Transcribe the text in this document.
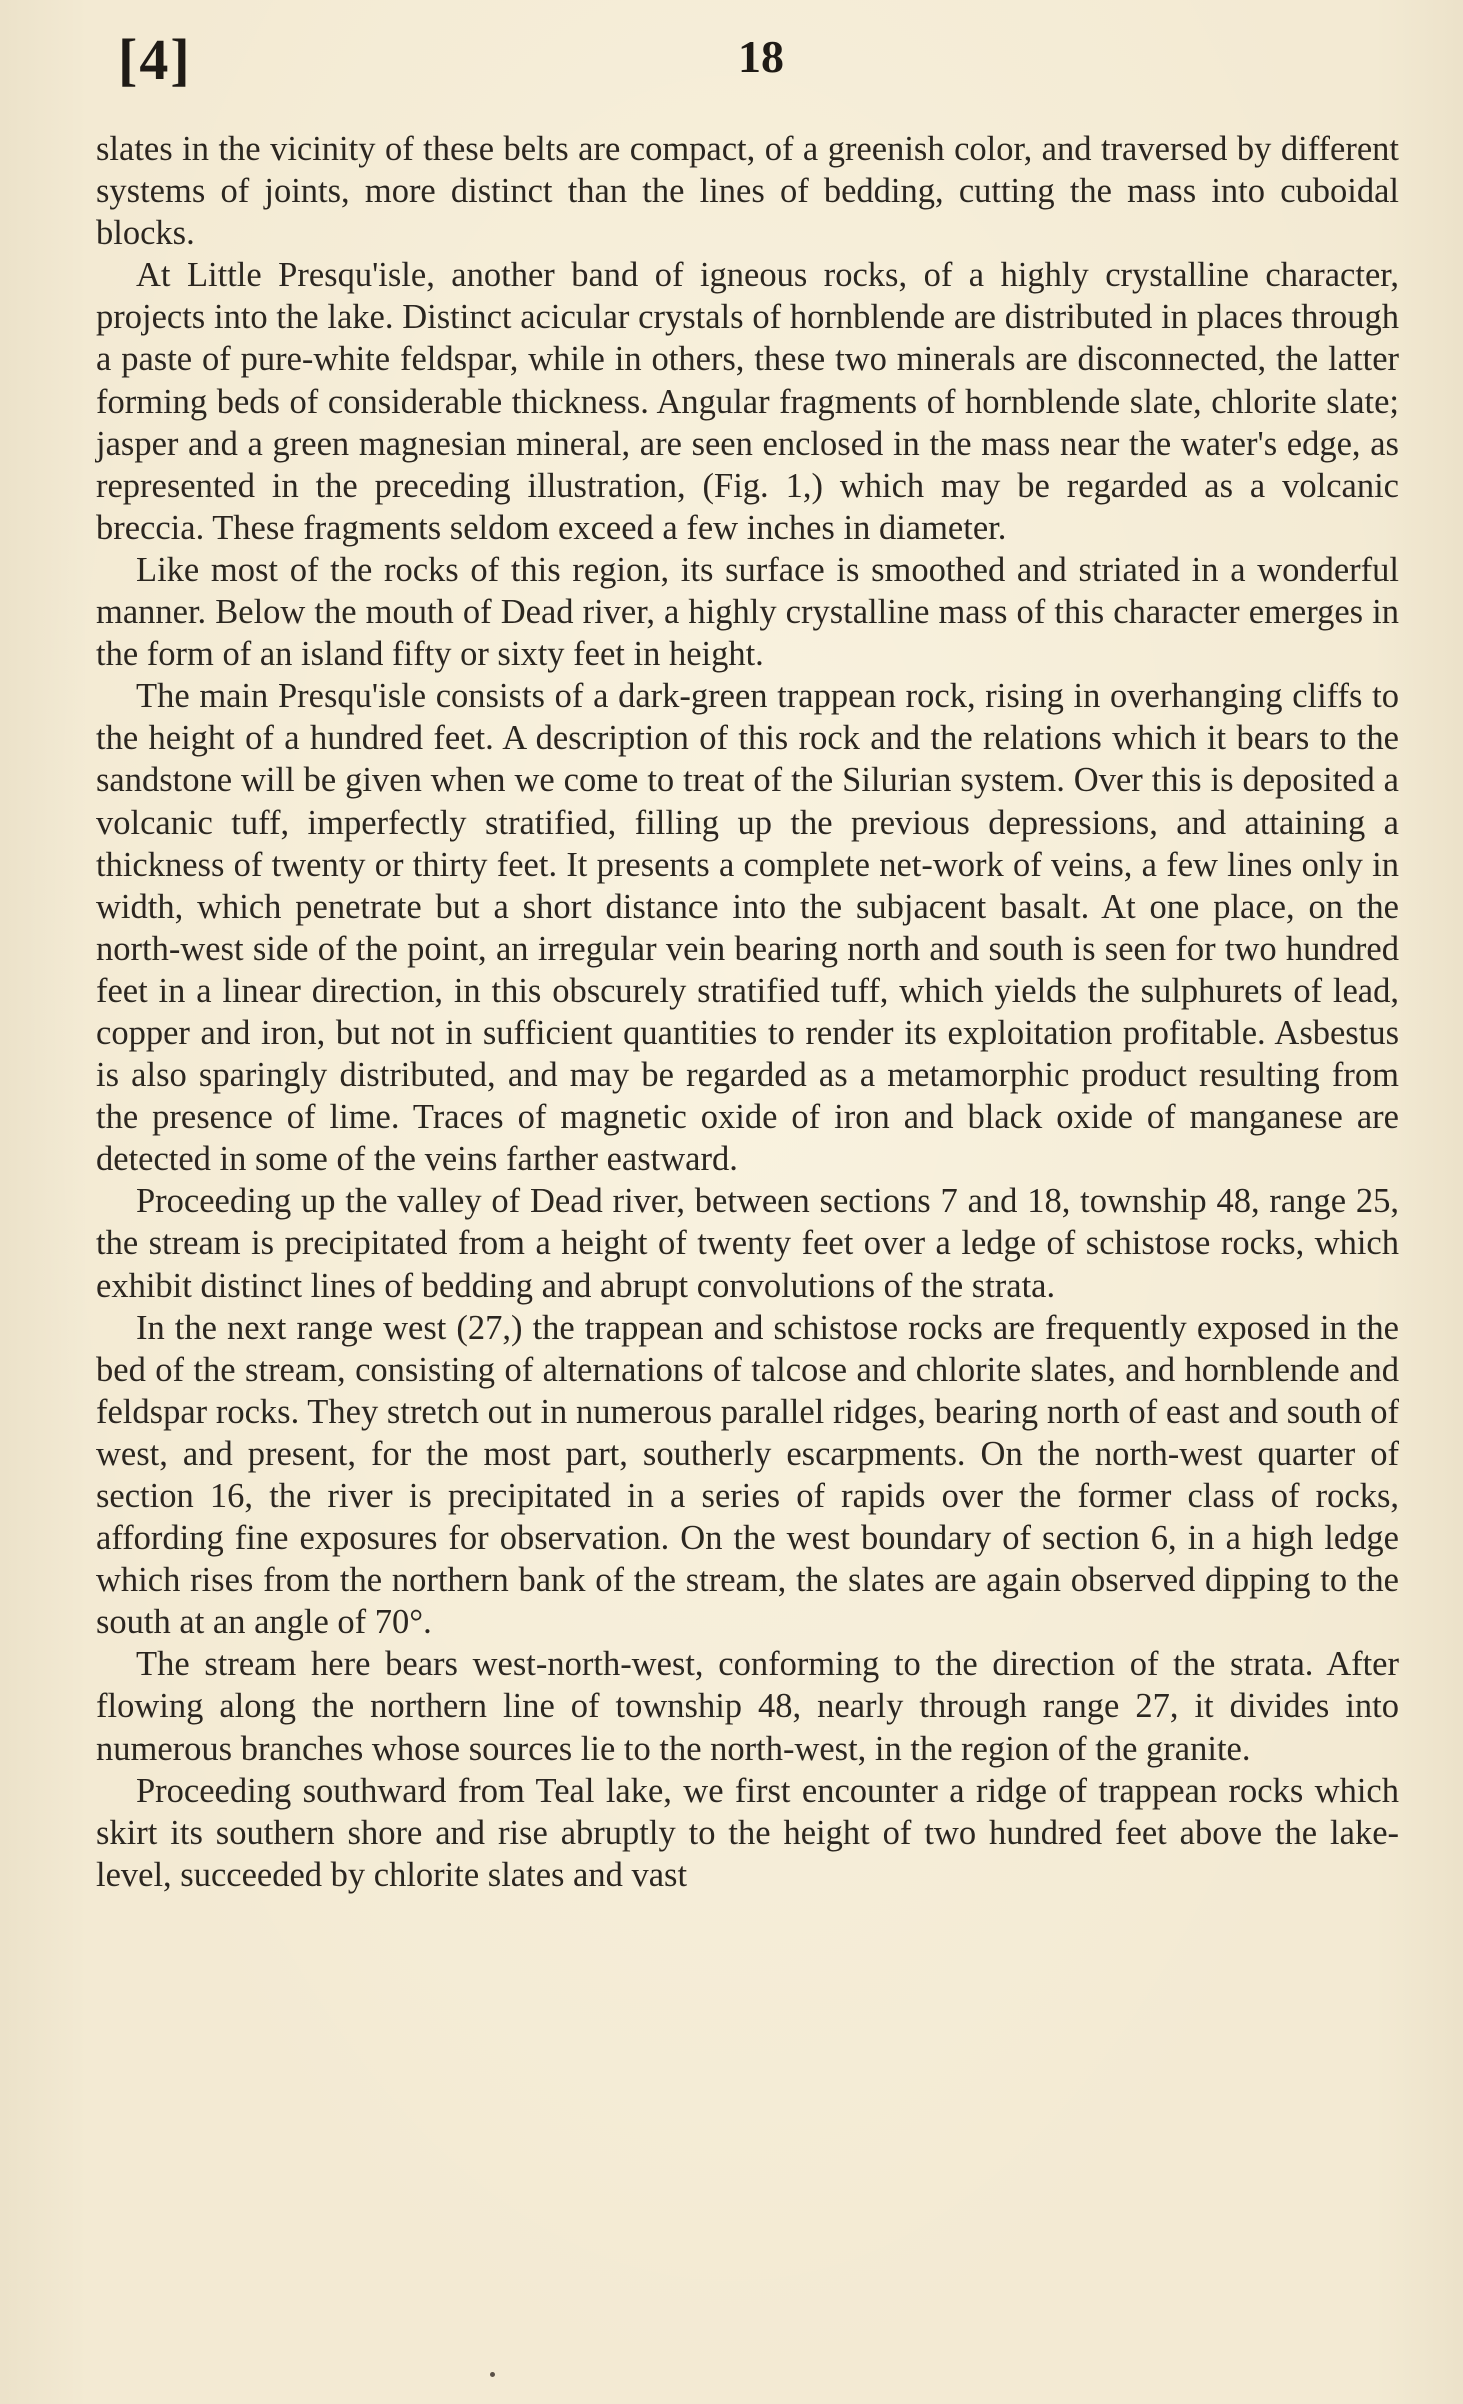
[4]	18

slates in the vicinity of these belts are compact, of a greenish color, and traversed by different systems of joints, more distinct than the lines of bedding, cutting the mass into cuboidal blocks.

At Little Presqu'isle, another band of igneous rocks, of a highly crystalline character, projects into the lake. Distinct acicular crystals of hornblende are distributed in places through a paste of pure-white feldspar, while in others, these two minerals are disconnected, the latter forming beds of considerable thickness. Angular fragments of hornblende slate, chlorite slate; jasper and a green magnesian mineral, are seen enclosed in the mass near the water's edge, as represented in the preceding illustration, (Fig. 1,) which may be regarded as a volcanic breccia. These fragments seldom exceed a few inches in diameter.

Like most of the rocks of this region, its surface is smoothed and striated in a wonderful manner. Below the mouth of Dead river, a highly crystalline mass of this character emerges in the form of an island fifty or sixty feet in height.

The main Presqu'isle consists of a dark-green trappean rock, rising in overhanging cliffs to the height of a hundred feet. A description of this rock and the relations which it bears to the sandstone will be given when we come to treat of the Silurian system. Over this is deposited a volcanic tuff, imperfectly stratified, filling up the previous depressions, and attaining a thickness of twenty or thirty feet. It presents a complete net-work of veins, a few lines only in width, which penetrate but a short distance into the subjacent basalt. At one place, on the north-west side of the point, an irregular vein bearing north and south is seen for two hundred feet in a linear direction, in this obscurely stratified tuff, which yields the sulphurets of lead, copper and iron, but not in sufficient quantities to render its exploitation profitable. Asbestus is also sparingly distributed, and may be regarded as a metamorphic product resulting from the presence of lime. Traces of magnetic oxide of iron and black oxide of manganese are detected in some of the veins farther eastward.

Proceeding up the valley of Dead river, between sections 7 and 18, township 48, range 25, the stream is precipitated from a height of twenty feet over a ledge of schistose rocks, which exhibit distinct lines of bedding and abrupt convolutions of the strata.

In the next range west (27,) the trappean and schistose rocks are frequently exposed in the bed of the stream, consisting of alternations of talcose and chlorite slates, and hornblende and feldspar rocks. They stretch out in numerous parallel ridges, bearing north of east and south of west, and present, for the most part, southerly escarpments. On the north-west quarter of section 16, the river is precipitated in a series of rapids over the former class of rocks, affording fine exposures for observation. On the west boundary of section 6, in a high ledge which rises from the northern bank of the stream, the slates are again observed dipping to the south at an angle of 70°.

The stream here bears west-north-west, conforming to the direction of the strata. After flowing along the northern line of township 48, nearly through range 27, it divides into numerous branches whose sources lie to the north-west, in the region of the granite.

Proceeding southward from Teal lake, we first encounter a ridge of trappean rocks which skirt its southern shore and rise abruptly to the height of two hundred feet above the lake-level, succeeded by chlorite slates and vast
